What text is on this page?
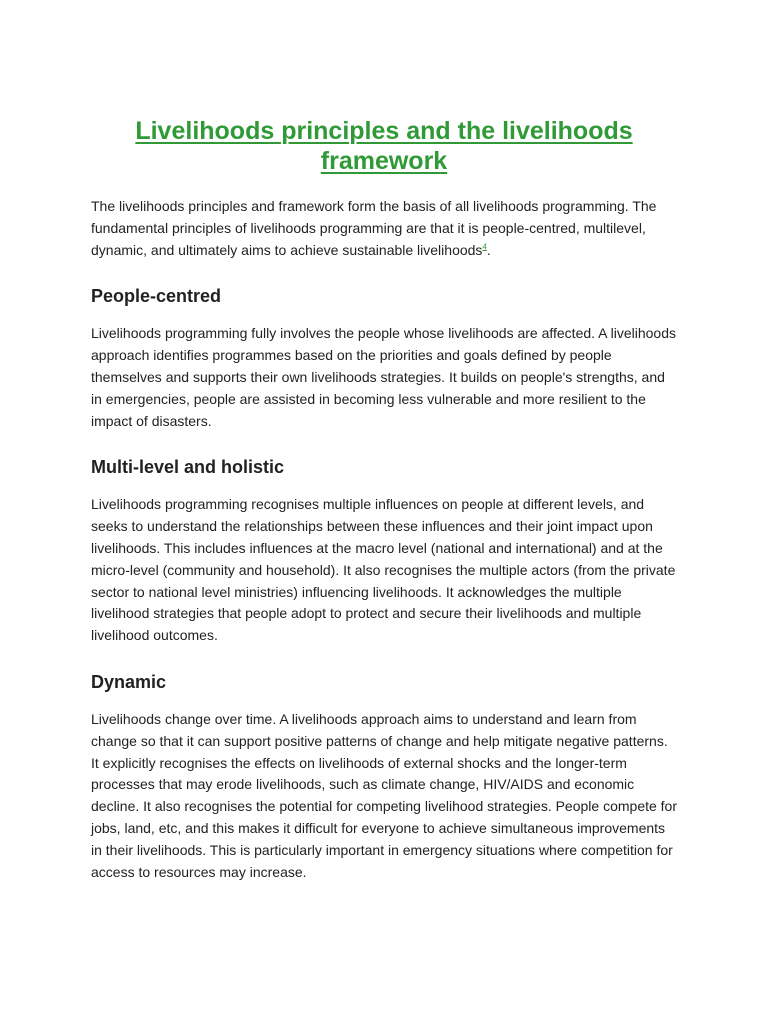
Livelihoods principles and the livelihoods framework

The livelihoods principles and framework form the basis of all livelihoods programming. The fundamental principles of livelihoods programming are that it is people-centred, multilevel, dynamic, and ultimately aims to achieve sustainable livelihoods$^4$.

People-centred

Livelihoods programming fully involves the people whose livelihoods are affected. A livelihoods approach identifies programmes based on the priorities and goals defined by people themselves and supports their own livelihoods strategies. It builds on people's strengths, and in emergencies, people are assisted in becoming less vulnerable and more resilient to the impact of disasters.

Multi-level and holistic

Livelihoods programming recognises multiple influences on people at different levels, and seeks to understand the relationships between these influences and their joint impact upon livelihoods. This includes influences at the macro level (national and international) and at the micro-level (community and household). It also recognises the multiple actors (from the private sector to national level ministries) influencing livelihoods. It acknowledges the multiple livelihood strategies that people adopt to protect and secure their livelihoods and multiple livelihood outcomes.

Dynamic

Livelihoods change over time. A livelihoods approach aims to understand and learn from change so that it can support positive patterns of change and help mitigate negative patterns. It explicitly recognises the effects on livelihoods of external shocks and the longer-term processes that may erode livelihoods, such as climate change, HIV/AIDS and economic decline. It also recognises the potential for competing livelihood strategies. People compete for jobs, land, etc, and this makes it difficult for everyone to achieve simultaneous improvements in their livelihoods. This is particularly important in emergency situations where competition for access to resources may increase.
